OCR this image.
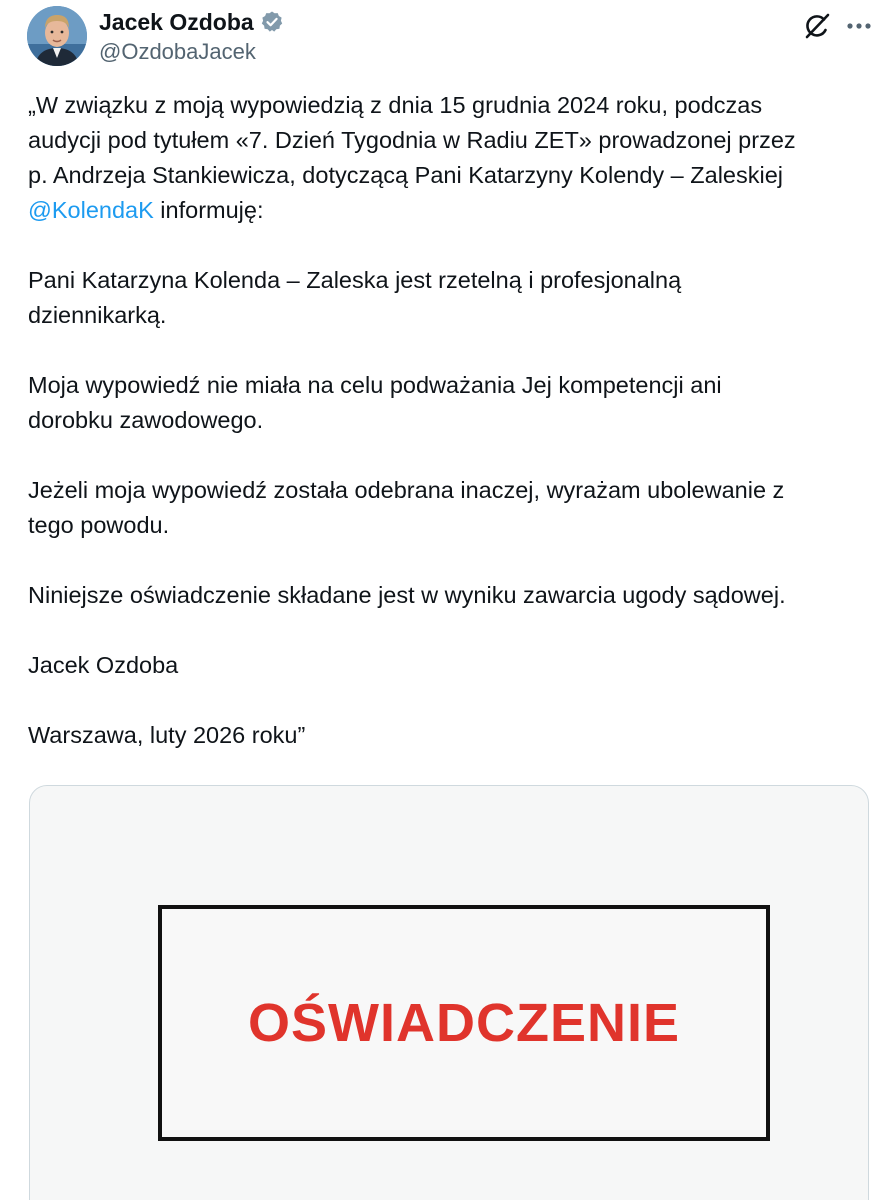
Jacek Ozdoba
@OzdobaJacek

„W związku z moją wypowiedzią z dnia 15 grudnia 2024 roku, podczas

audycji pod tytułem «7. Dzień Tygodnia w Radiu ZET» prowadzonej przez

p. Andrzeja Stankiewicza, dotyczącą Pani Katarzyny Kolendy – Zaleskiej

@KolendaK informuję:

Pani Katarzyna Kolenda – Zaleska jest rzetelną i profesjonalną

dziennikarką.

Moja wypowiedź nie miała na celu podważania Jej kompetencji ani

dorobku zawodowego.

Jeżeli moja wypowiedź została odebrana inaczej, wyrażam ubolewanie z

tego powodu.

Niniejsze oświadczenie składane jest w wyniku zawarcia ugody sądowej.

Jacek Ozdoba

Warszawa, luty 2026 roku”

OŚWIADCZENIE
